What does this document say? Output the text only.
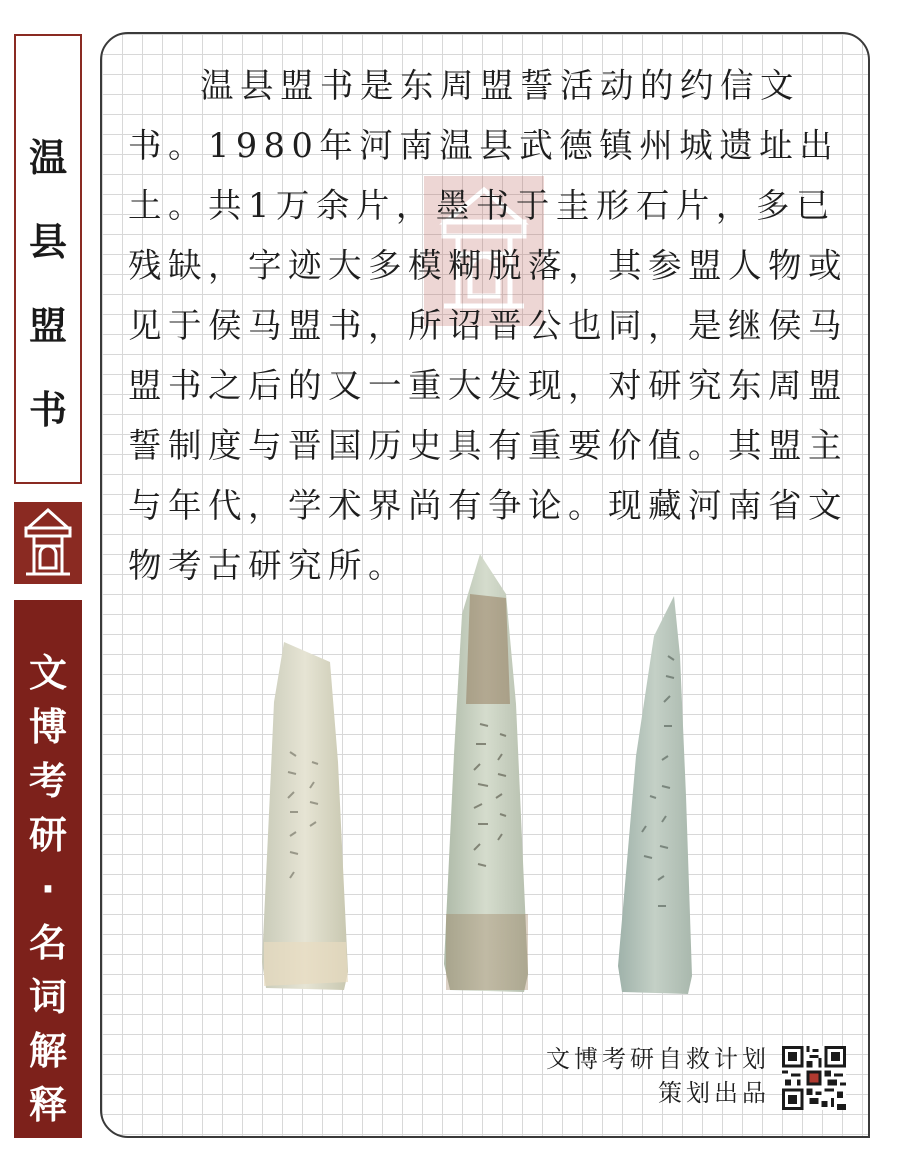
温
县
盟
书
文
博
考
研
·
名
词
解
释

温县盟书是东周盟誓活动的约信文书。1980年河南温县武德镇州城遗址出土。共1万余片，墨书于圭形石片，多已残缺，字迹大多模糊脱落，其参盟人物或见于侯马盟书，所诏晋公也同，是继侯马盟书之后的又一重大发现，对研究东周盟誓制度与晋国历史具有重要价值。其盟主与年代，学术界尚有争论。现藏河南省文物考古研究所。

文博考研自救计划
策划出品
